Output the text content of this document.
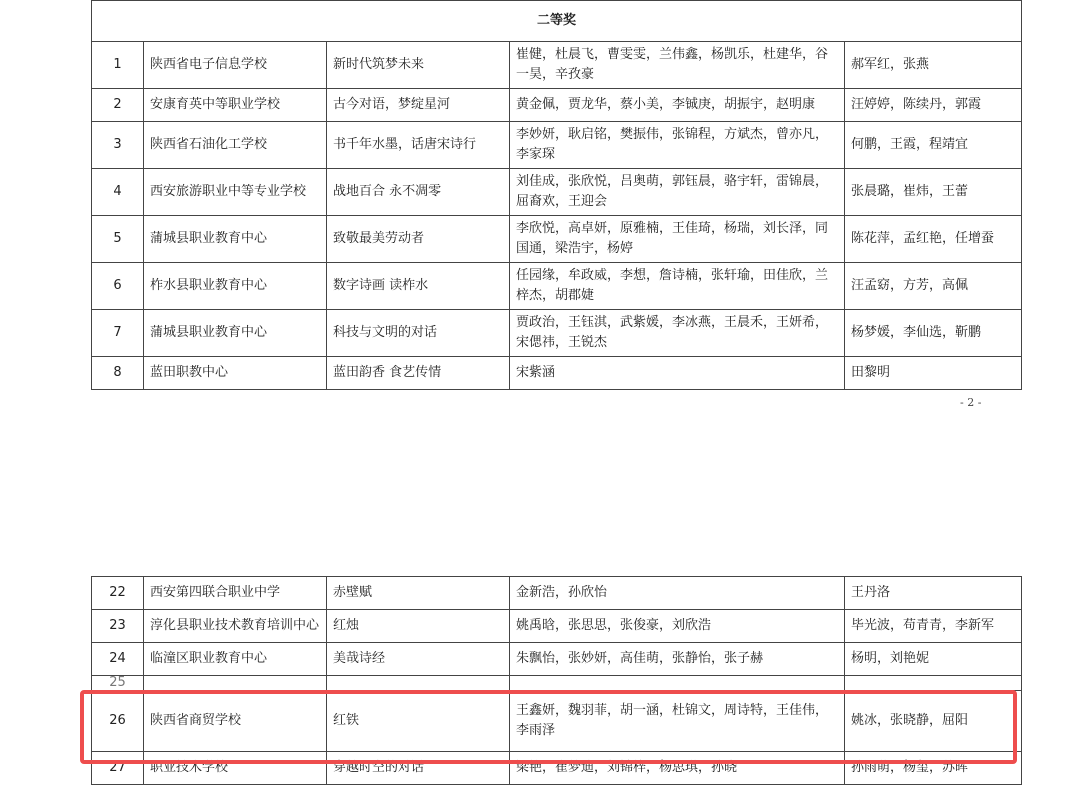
二等奖				
1	陕西省电子信息学校	新时代筑梦未来	崔健，杜晨飞，曹雯雯，兰伟鑫，杨凯乐，杜建华，谷一昊，辛孜豪	郝军红，张燕
2	安康育英中等职业学校	古今对语，梦绽星河	黄金佩，贾龙华，蔡小美，李铖庚，胡振宇，赵明康	汪婷婷，陈续丹，郭霞
3	陕西省石油化工学校	书千年水墨，话唐宋诗行	李妙妍，耿启铭，樊振伟，张锦程，方斌杰，曾亦凡，李家琛	何鹏，王霞，程靖宜
4	西安旅游职业中等专业学校	战地百合 永不凋零	刘佳成，张欣悦，吕奥萌，郭钰晨，骆宇轩，雷锦晨，屈裔欢，王迎会	张晨璐，崔炜，王蕾
5	蒲城县职业教育中心	致敬最美劳动者	李欣悦，高卓妍，原雅楠，王佳琦，杨瑞，刘长泽，同国通，梁浩宇，杨婷	陈花萍，孟红艳，任增蚕
6	柞水县职业教育中心	数字诗画 读柞水	任园缘，牟政威，李想，詹诗楠，张轩瑜，田佳欣，兰梓杰，胡郡婕	汪孟窈，方芳，高佩
7	蒲城县职业教育中心	科技与文明的对话	贾政治，王钰淇，武紫媛，李冰燕，王晨禾，王妍希，宋偲祎，王锐杰	杨梦媛，李仙选，靳鹏
8	蓝田职教中心	蓝田韵香 食艺传情	宋紫涵	田黎明
- 2 -
22	西安第四联合职业中学	赤壁赋	金新浩，孙欣怡	王丹洛
23	淳化县职业技术教育培训中心	红烛	姚禹晗，张思思，张俊豪，刘欣浩	毕光波，苟青青，李新军
24	临潼区职业教育中心	美哉诗经	朱飘怡，张妙妍，高佳萌，张静怡，张子赫	杨明，刘艳妮
25				
26	陕西省商贸学校	红铁	王鑫妍，魏羽菲，胡一涵，杜锦文，周诗特，王佳伟，李雨泽	姚冰，张晓静，屈阳
27	职业技术学校	穿越时空的对话	梁艳，崔梦迪，刘锦梓，杨思琪，孙晓	孙雨萌，杨玺，苏晖
